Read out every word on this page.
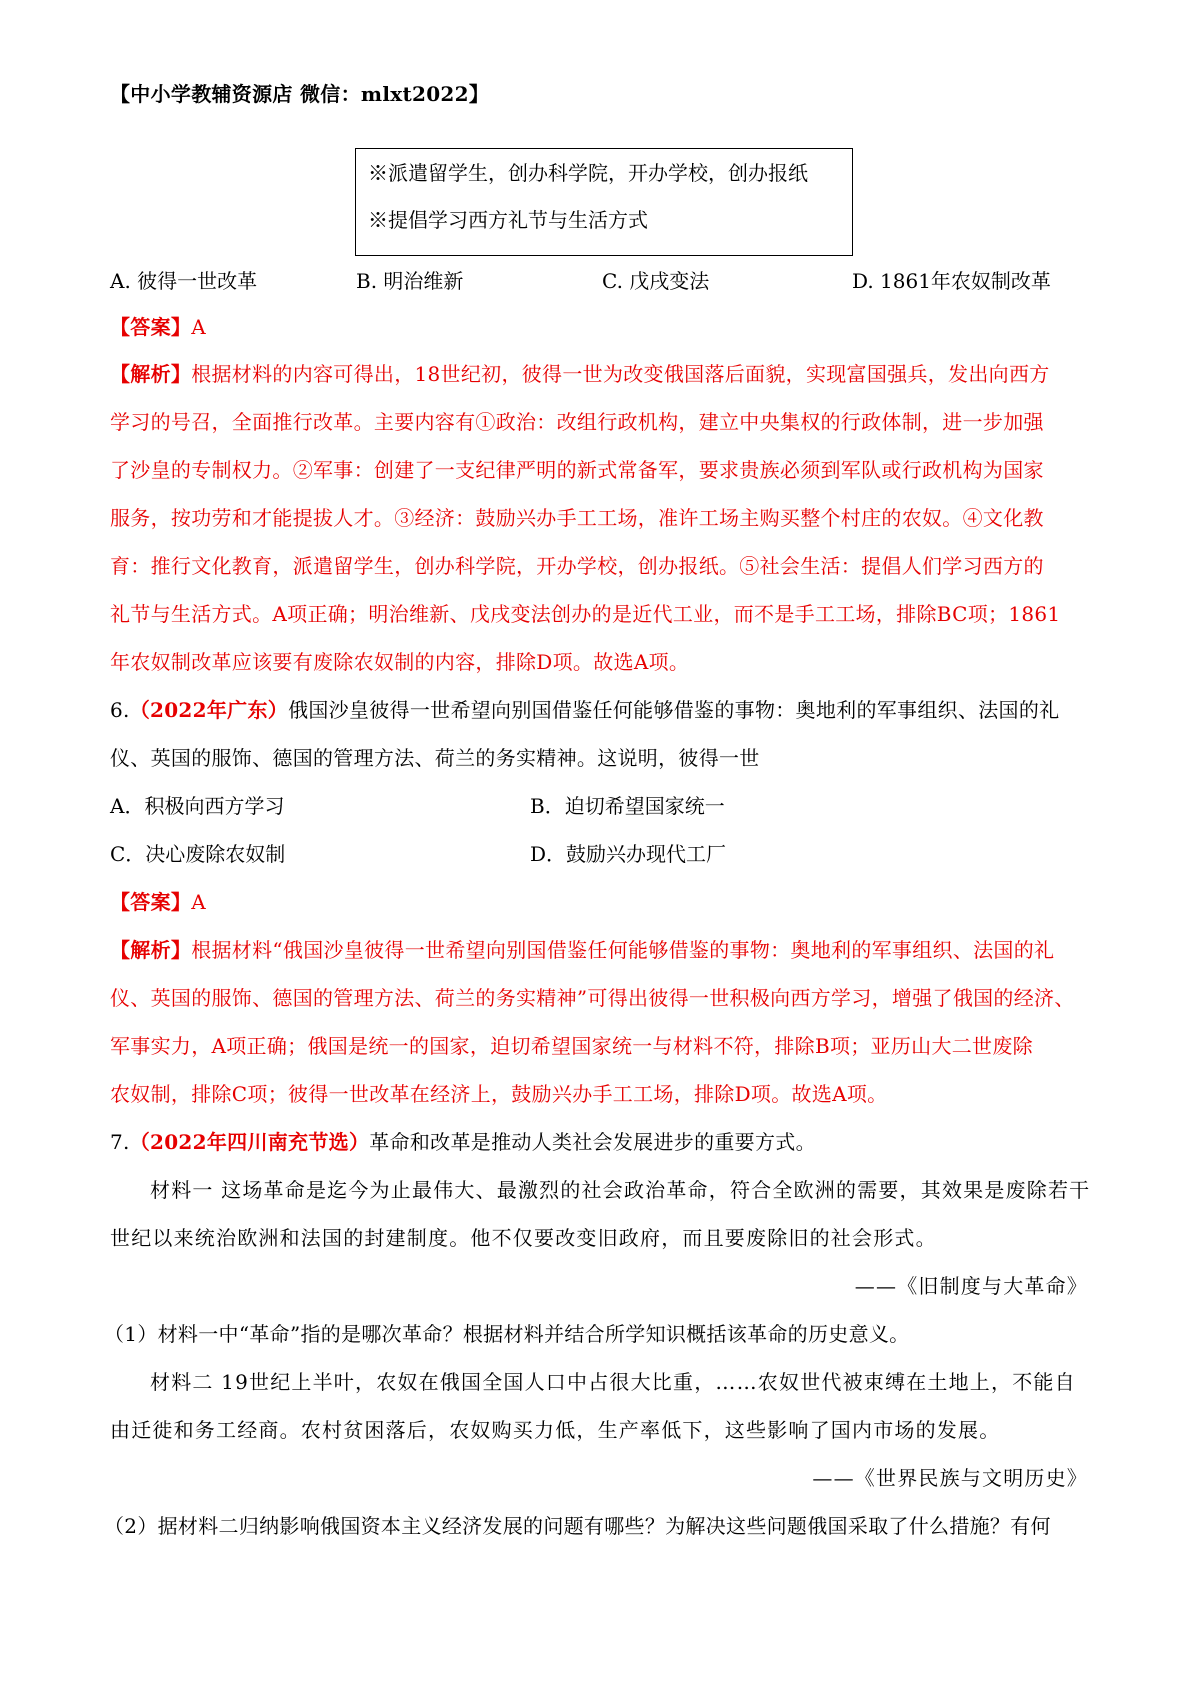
【中小学教辅资源店 微信：mlxt2022】
※派遣留学生，创办科学院，开办学校，创办报纸
※提倡学习西方礼节与生活方式
A. 彼得一世改革	B. 明治维新	C. 戊戌变法	D. 1861年农奴制改革
【答案】A
【解析】根据材料的内容可得出，18世纪初，彼得一世为改变俄国落后面貌，实现富国强兵，发出向西方
学习的号召，全面推行改革。主要内容有①政治：改组行政机构，建立中央集权的行政体制，进一步加强
了沙皇的专制权力。②军事：创建了一支纪律严明的新式常备军，要求贵族必须到军队或行政机构为国家
服务，按功劳和才能提拔人才。③经济：鼓励兴办手工工场，准许工场主购买整个村庄的农奴。④文化教
育：推行文化教育，派遣留学生，创办科学院，开办学校，创办报纸。⑤社会生活：提倡人们学习西方的
礼节与生活方式。A项正确；明治维新、戊戌变法创办的是近代工业，而不是手工工场，排除BC项；1861
年农奴制改革应该要有废除农奴制的内容，排除D项。故选A项。
6.（2022年广东）俄国沙皇彼得一世希望向别国借鉴任何能够借鉴的事物：奥地利的军事组织、法国的礼
仪、英国的服饰、德国的管理方法、荷兰的务实精神。这说明，彼得一世
A．积极向西方学习	B．迫切希望国家统一
C．决心废除农奴制	D．鼓励兴办现代工厂
【答案】A
【解析】根据材料“俄国沙皇彼得一世希望向别国借鉴任何能够借鉴的事物：奥地利的军事组织、法国的礼
仪、英国的服饰、德国的管理方法、荷兰的务实精神”可得出彼得一世积极向西方学习，增强了俄国的经济、
军事实力，A项正确；俄国是统一的国家，迫切希望国家统一与材料不符，排除B项；亚历山大二世废除
农奴制，排除C项；彼得一世改革在经济上，鼓励兴办手工工场，排除D项。故选A项。
7.（2022年四川南充节选）革命和改革是推动人类社会发展进步的重要方式。
材料一 这场革命是迄今为止最伟大、最激烈的社会政治革命，符合全欧洲的需要，其效果是废除若干
世纪以来统治欧洲和法国的封建制度。他不仅要改变旧政府，而且要废除旧的社会形式。
——《旧制度与大革命》
（1）材料一中“革命”指的是哪次革命？根据材料并结合所学知识概括该革命的历史意义。
材料二 19世纪上半叶，农奴在俄国全国人口中占很大比重，……农奴世代被束缚在土地上，不能自
由迁徙和务工经商。农村贫困落后，农奴购买力低，生产率低下，这些影响了国内市场的发展。
——《世界民族与文明历史》
（2）据材料二归纳影响俄国资本主义经济发展的问题有哪些？为解决这些问题俄国采取了什么措施？有何
